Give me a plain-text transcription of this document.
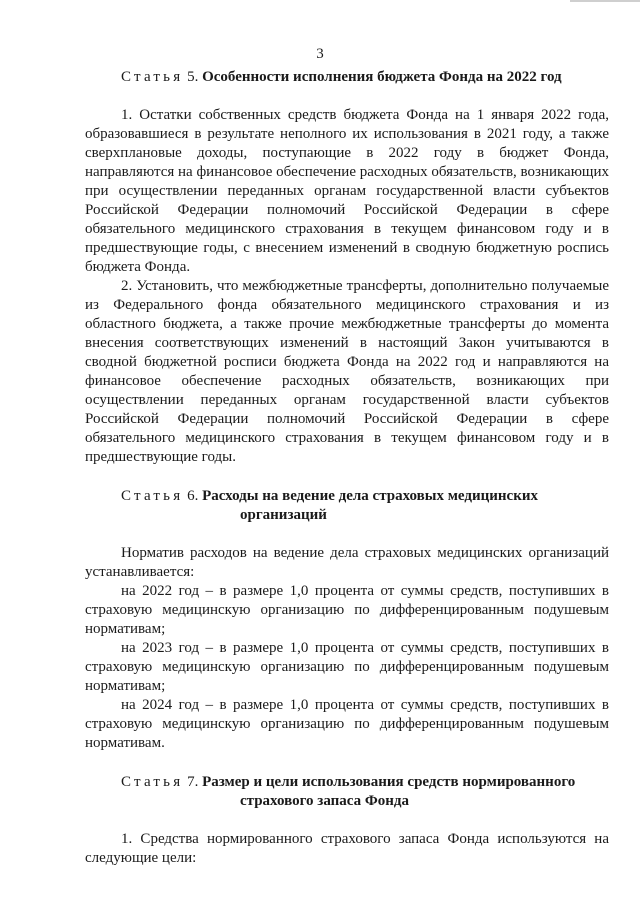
3
Статья 5. Особенности исполнения бюджета Фонда на 2022 год

1. Остатки собственных средств бюджета Фонда на 1 января 2022 года, образовавшиеся в результате неполного их использования в 2021 году, а также сверхплановые доходы, поступающие в 2022 году в бюджет Фонда, направляются на финансовое обеспечение расходных обязательств, возникающих при осуществлении переданных органам государственной власти субъектов Российской Федерации полномочий Российской Федерации в сфере обязательного медицинского страхования в текущем финансовом году и в предшествующие годы, с внесением изменений в сводную бюджетную роспись бюджета Фонда.

2. Установить, что межбюджетные трансферты, дополнительно получаемые из Федерального фонда обязательного медицинского страхования и из областного бюджета, а также прочие межбюджетные трансферты до момента внесения соответствующих изменений в настоящий Закон учитываются в сводной бюджетной росписи бюджета Фонда на 2022 год и направляются на финансовое обеспечение расходных обязательств, возникающих при осуществлении переданных органам государственной власти субъектов Российской Федерации полномочий Российской Федерации в сфере обязательного медицинского страхования в текущем финансовом году и в предшествующие годы.

Статья 6. Расходы на ведение дела страховых медицинских организаций

Норматив расходов на ведение дела страховых медицинских организаций устанавливается:

на 2022 год – в размере 1,0 процента от суммы средств, поступивших в страховую медицинскую организацию по дифференцированным подушевым нормативам;

на 2023 год – в размере 1,0 процента от суммы средств, поступивших в страховую медицинскую организацию по дифференцированным подушевым нормативам;

на 2024 год – в размере 1,0 процента от суммы средств, поступивших в страховую медицинскую организацию по дифференцированным подушевым нормативам.

Статья 7. Размер и цели использования средств нормированного страхового запаса Фонда

1. Средства нормированного страхового запаса Фонда используются на следующие цели:
